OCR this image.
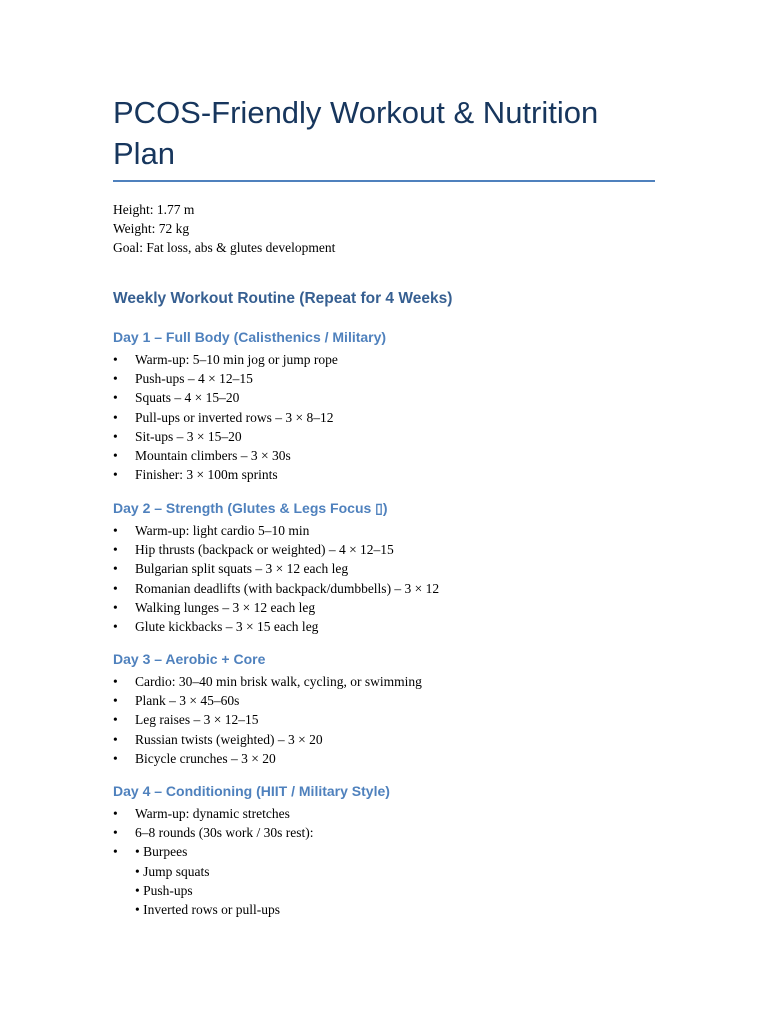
PCOS-Friendly Workout & Nutrition Plan
Height: 1.77 m
Weight: 72 kg
Goal: Fat loss, abs & glutes development
Weekly Workout Routine (Repeat for 4 Weeks)
Day 1 – Full Body (Calisthenics / Military)
• Warm-up: 5–10 min jog or jump rope
• Push-ups – 4 × 12–15
• Squats – 4 × 15–20
• Pull-ups or inverted rows – 3 × 8–12
• Sit-ups – 3 × 15–20
• Mountain climbers – 3 × 30s
• Finisher: 3 × 100m sprints
Day 2 – Strength (Glutes & Legs Focus ▯)
• Warm-up: light cardio 5–10 min
• Hip thrusts (backpack or weighted) – 4 × 12–15
• Bulgarian split squats – 3 × 12 each leg
• Romanian deadlifts (with backpack/dumbbells) – 3 × 12
• Walking lunges – 3 × 12 each leg
• Glute kickbacks – 3 × 15 each leg
Day 3 – Aerobic + Core
• Cardio: 30–40 min brisk walk, cycling, or swimming
• Plank – 3 × 45–60s
• Leg raises – 3 × 12–15
• Russian twists (weighted) – 3 × 20
• Bicycle crunches – 3 × 20
Day 4 – Conditioning (HIIT / Military Style)
• Warm-up: dynamic stretches
• 6–8 rounds (30s work / 30s rest):
• • Burpees
• Jump squats
• Push-ups
• Inverted rows or pull-ups
